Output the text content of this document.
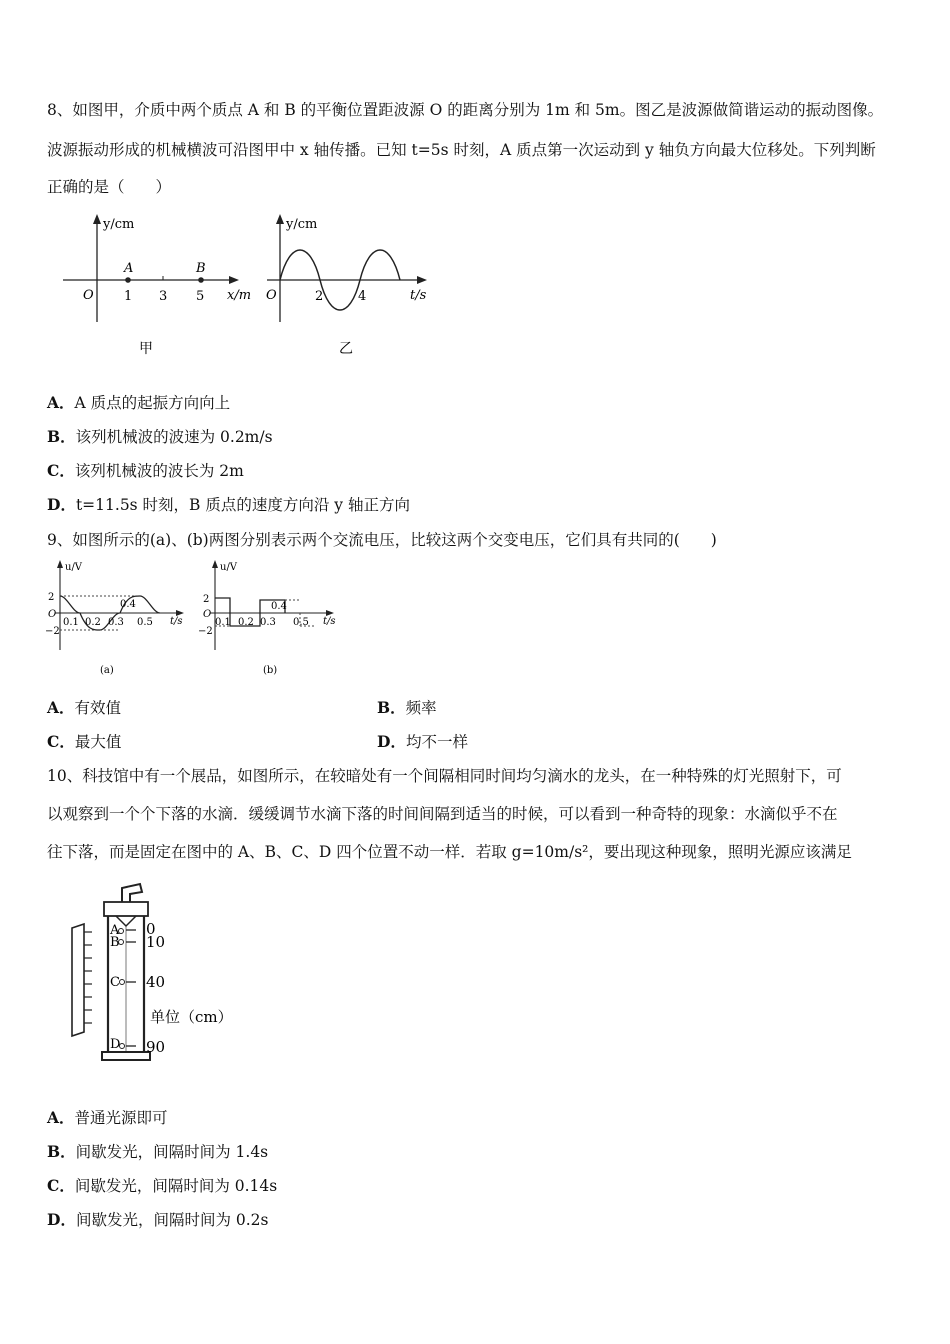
8、如图甲，介质中两个质点 A 和 B 的平衡位置距波源 O 的距离分别为 1m 和 5m。图乙是波源做简谐运动的振动图像。
波源振动形成的机械横波可沿图甲中 x 轴传播。已知 t=5s 时刻，A 质点第一次运动到 y 轴负方向最大位移处。下列判断
正确的是（　　）
y/cm
x/m
O
A	B
1 3 5
甲
y/cm
t/s
O	2	4
乙
A．A 质点的起振方向向上
B．该列机械波的波速为 0.2m/s
C．该列机械波的波长为 2m
D．t=11.5s 时刻，B 质点的速度方向沿 y 轴正方向
9、如图所示的(a)、(b)两图分别表示两个交流电压，比较这两个交变电压，它们具有共同的(　　)
u/V
t/s
2
O
−2
0.1 0.2 0.3
0.4
0.5
(a)
u/V
t/s
2
O
−2
0.1 0.2 0.3
0.4
0.5
(b)
A．有效值	B．频率
C．最大值	D．均不一样
10、科技馆中有一个展品，如图所示，在较暗处有一个间隔相同时间均匀滴水的龙头，在一种特殊的灯光照射下，可
以观察到一个个下落的水滴．缓缓调节水滴下落的时间间隔到适当的时候，可以看到一种奇特的现象：水滴似乎不在
往下落，而是固定在图中的 A、B、C、D 四个位置不动一样．若取 g=10m/s²，要出现这种现象，照明光源应该满足
A
B
C
D
0
10
40
90
单位（cm）
A．普通光源即可
B．间歇发光，间隔时间为 1.4s
C．间歇发光，间隔时间为 0.14s
D．间歇发光，间隔时间为 0.2s
